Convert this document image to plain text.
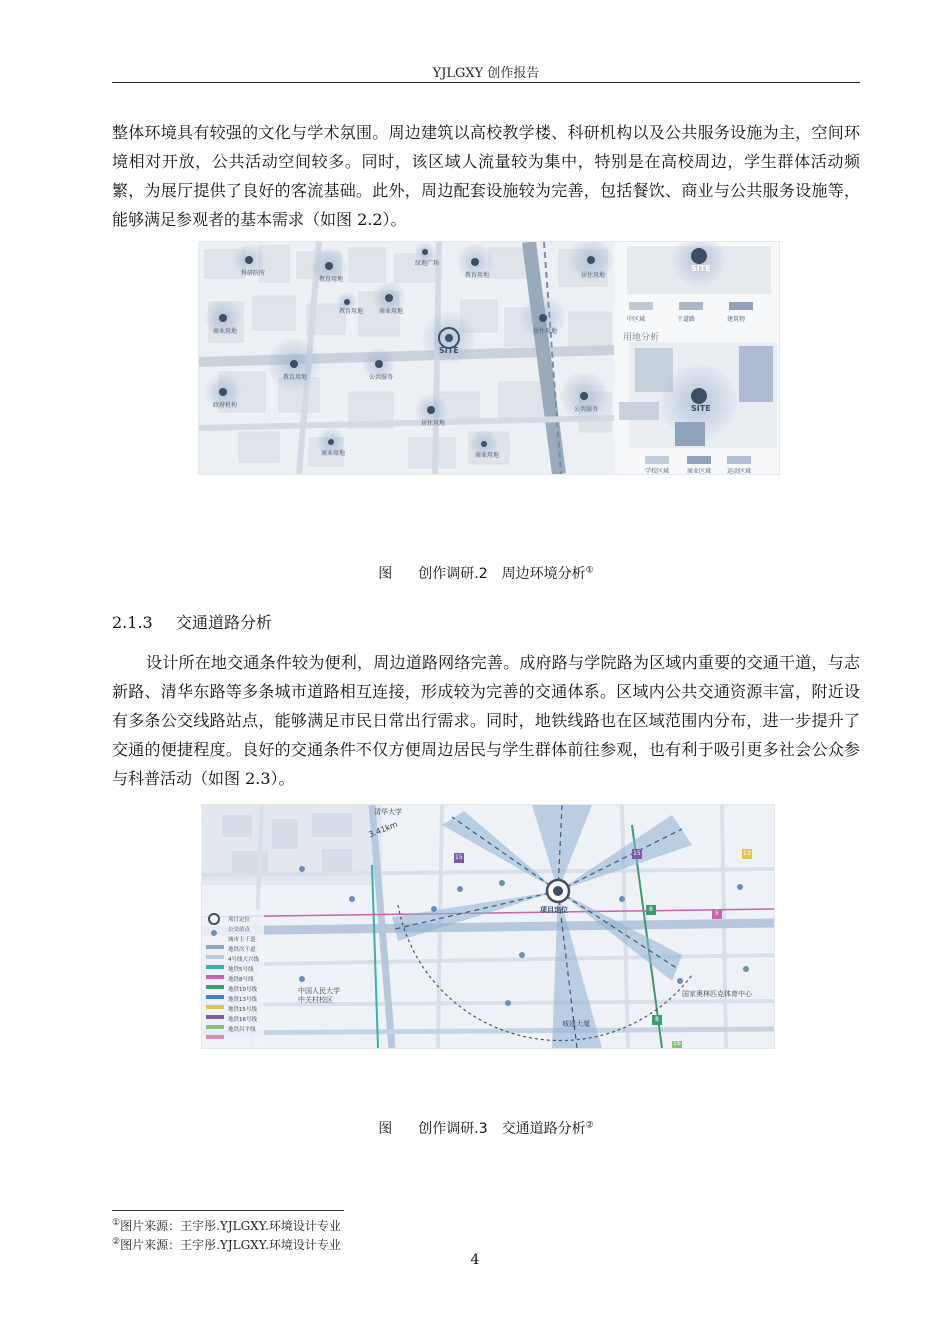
YJLGXY 创作报告
整体环境具有较强的文化与学术氛围。周边建筑以高校教学楼、科研机构以及公共服务设施为主，空间环境相对开放，公共活动空间较多。同时，该区域人流量较为集中，特别是在高校周边，学生群体活动频繁，为展厅提供了良好的客流基础。此外，周边配套设施较为完善，包括餐饮、商业与公共服务设施等，能够满足参观者的基本需求（如图 2.2）。
科研院所
教育用地
教育用地	居住用地
商业用地
商业用地
居住用地
教育用地	公共服务
政府机构
居住用地
公共服务
商业用地	商业用地
教育用地
绿地广场
SITE
SITE
SITE
中区域	干道路	建筑物
用地分析
学校区域	商业区域	运动区域
图 创作调研.2　周边环境分析①
2.1.3 交通道路分析
设计所在地交通条件较为便利，周边道路网络完善。成府路与学院路为区域内重要的交通干道，与志新路、清华东路等多条城市道路相互连接，形成较为完善的交通体系。区域内公共交通资源丰富，附近设有多条公交线路站点，能够满足市民日常出行需求。同时，地铁线路也在区域范围内分布，进一步提升了交通的便捷程度。良好的交通条件不仅方便周边居民与学生群体前往参观，也有利于吸引更多社会公众参与科普活动（如图 2.3）。
清华大学
3.41km
项目定位
中国人民大学
中关村校区
国家奥林匹克体育中心
城建大厦
项目定位
公交站点
城市主干道
地铁次干道
4号线大兴线
地铁5号线
地铁8号线
地铁10号线
地铁13号线
地铁15号线
地铁16号线
地铁昌平线
15
15	13
8
8
5
16
图 创作调研.3　交通道路分析②
①图片来源：王宇彤.YJLGXY.环境设计专业
②图片来源：王宇彤.YJLGXY.环境设计专业
4
